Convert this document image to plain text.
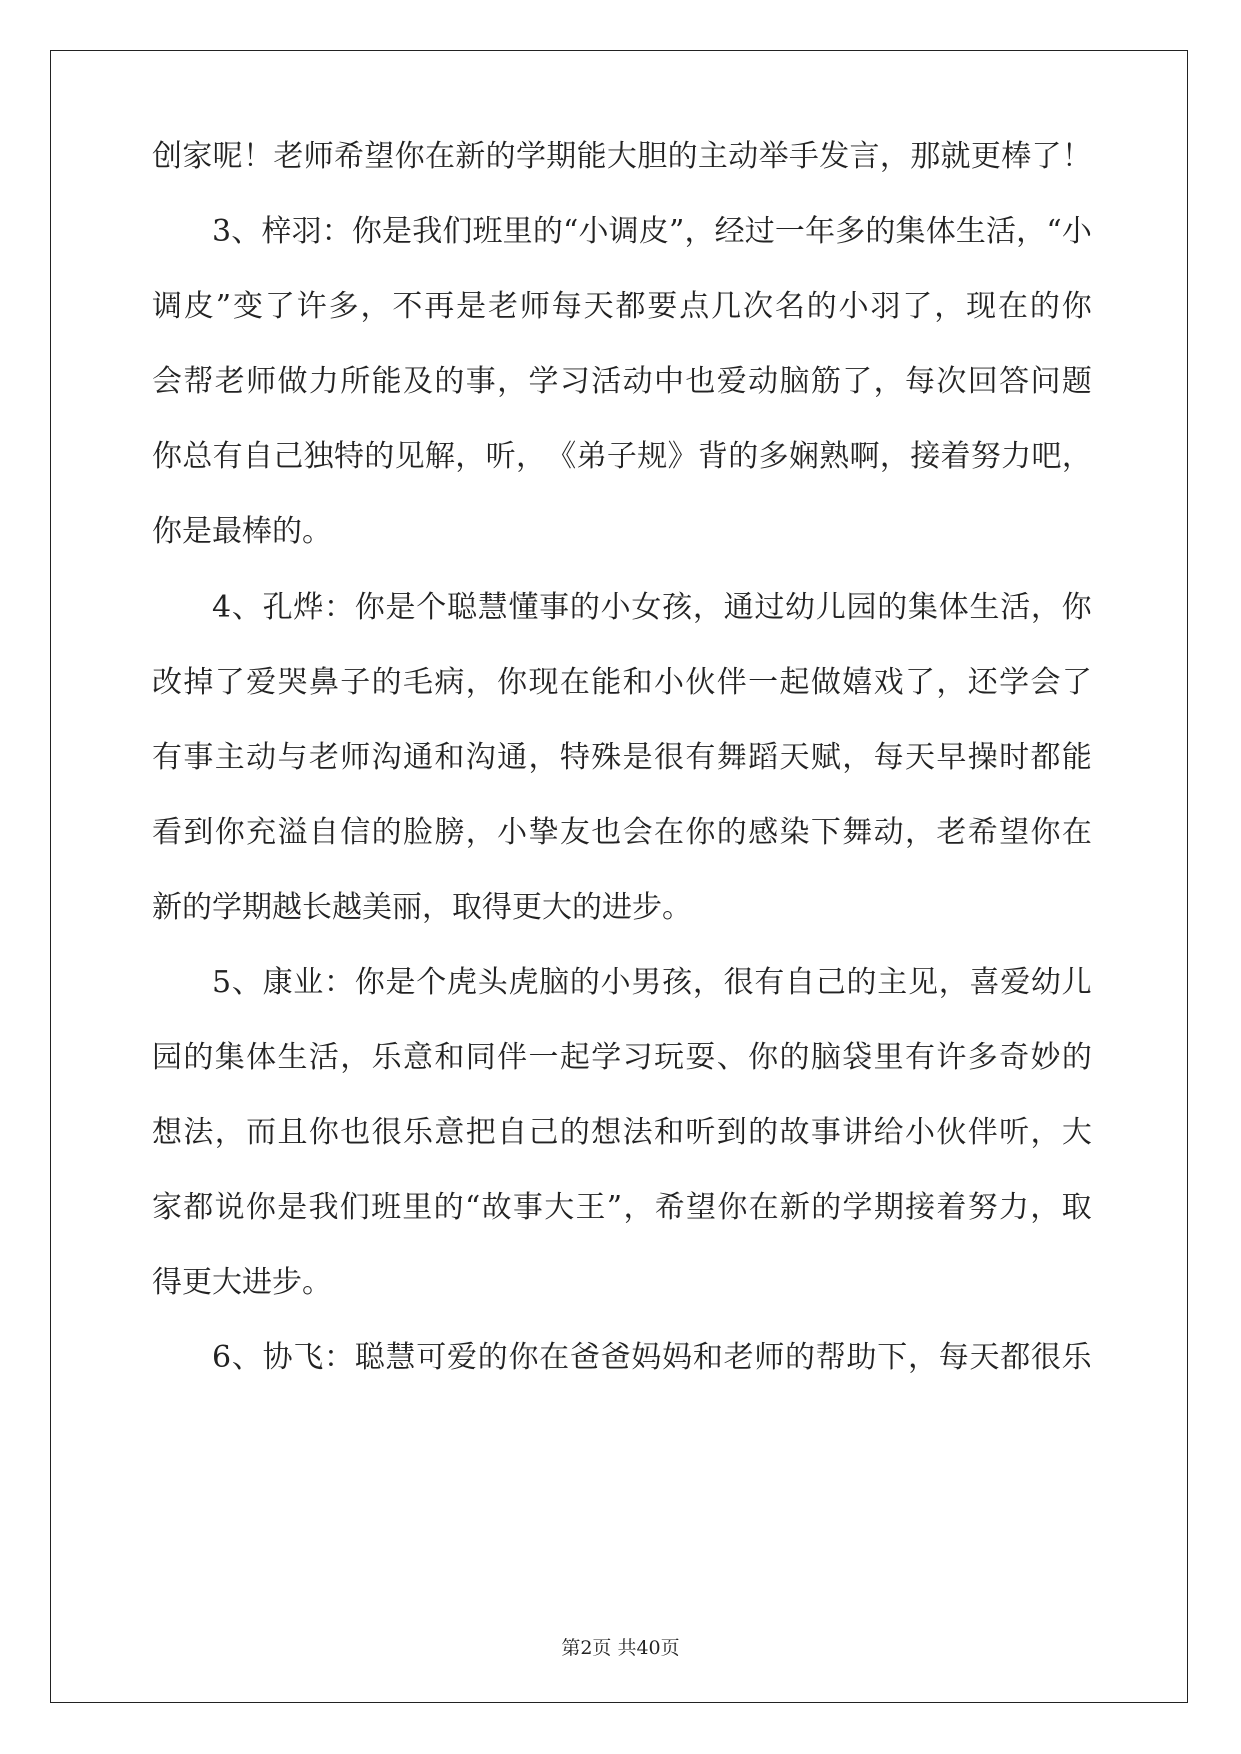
创 家 呢 ！ 老 师 希 望 你 在 新 的 学 期 能 大 胆 的 主 动 举 手 发 言 ， 那 就 更 棒 了 ！
3 、 梓 羽 ： 你 是 我 们 班 里 的 “ 小 调 皮 ” ， 经 过 一 年 多 的 集 体 生 活 ， “ 小
调 皮 ” 变 了 许 多 ， 不 再 是 老 师 每 天 都 要 点 几 次 名 的 小 羽 了 ， 现 在 的 你
会 帮 老 师 做 力 所 能 及 的 事 ， 学 习 活 动 中 也 爱 动 脑 筋 了 ， 每 次 回 答 问 题
你 总 有 自 己 独 特 的 见 解 ， 听 ， 《 弟 子 规 》 背 的 多 娴 熟 啊 ， 接 着 努 力 吧 ，
你是最棒的。
4 、 孔 烨 ： 你 是 个 聪 慧 懂 事 的 小 女 孩 ， 通 过 幼 儿 园 的 集 体 生 活 ， 你
改 掉 了 爱 哭 鼻 子 的 毛 病 ， 你 现 在 能 和 小 伙 伴 一 起 做 嬉 戏 了 ， 还 学 会 了
有 事 主 动 与 老 师 沟 通 和 沟 通 ， 特 殊 是 很 有 舞 蹈 天 赋 ， 每 天 早 操 时 都 能
看 到 你 充 溢 自 信 的 脸 膀 ， 小 挚 友 也 会 在 你 的 感 染 下 舞 动 ， 老 希 望 你 在
新的学期越长越美丽，取得更大的进步。
5 、 康 业 ： 你 是 个 虎 头 虎 脑 的 小 男 孩 ， 很 有 自 己 的 主 见 ， 喜 爱 幼 儿
园 的 集 体 生 活 ， 乐 意 和 同 伴 一 起 学 习 玩 耍 、 你 的 脑 袋 里 有 许 多 奇 妙 的
想 法 ， 而 且 你 也 很 乐 意 把 自 己 的 想 法 和 听 到 的 故 事 讲 给 小 伙 伴 听 ， 大
家 都 说 你 是 我 们 班 里 的 “ 故 事 大 王 ” ， 希 望 你 在 新 的 学 期 接 着 努 力 ， 取
得更大进步。
6 、 协 飞 ： 聪 慧 可 爱 的 你 在 爸 爸 妈 妈 和 老 师 的 帮 助 下 ， 每 天 都 很 乐
第2页 共40页
